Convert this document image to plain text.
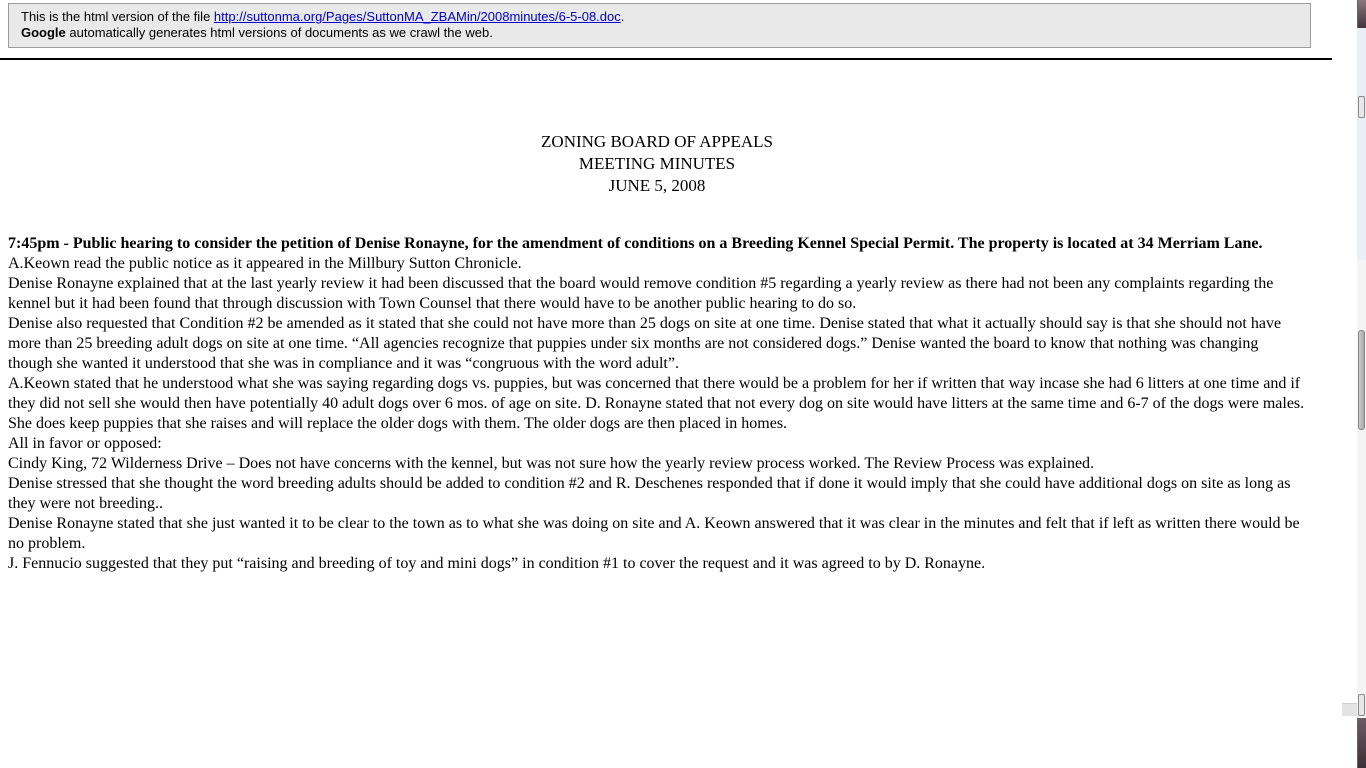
This is the html version of the file http://suttonma.org/Pages/SuttonMA_ZBAMin/2008minutes/6-5-08.doc.
Google automatically generates html versions of documents as we crawl the web.
ZONING BOARD OF APPEALS
MEETING MINUTES
JUNE 5, 2008
7:45pm - Public hearing to consider the petition of Denise Ronayne, for the amendment of conditions on a Breeding Kennel Special Permit. The property is located at 34 Merriam Lane.
A.Keown read the public notice as it appeared in the Millbury Sutton Chronicle.
Denise Ronayne explained that at the last yearly review it had been discussed that the board would remove condition #5 regarding a yearly review as there had not been any complaints regarding the kennel but it had been found that through discussion with Town Counsel that there would have to be another public hearing to do so.
Denise also requested that Condition #2 be amended as it stated that she could not have more than 25 dogs on site at one time. Denise stated that what it actually should say is that she should not have more than 25 breeding adult dogs on site at one time. “All agencies recognize that puppies under six months are not considered dogs.” Denise wanted the board to know that nothing was changing though she wanted it understood that she was in compliance and it was “congruous with the word adult”.
A.Keown stated that he understood what she was saying regarding dogs vs. puppies, but was concerned that there would be a problem for her if written that way incase she had 6 litters at one time and if they did not sell she would then have potentially 40 adult dogs over 6 mos. of age on site. D. Ronayne stated that not every dog on site would have litters at the same time and 6-7 of the dogs were males. She does keep puppies that she raises and will replace the older dogs with them. The older dogs are then placed in homes.
All in favor or opposed:
Cindy King, 72 Wilderness Drive – Does not have concerns with the kennel, but was not sure how the yearly review process worked. The Review Process was explained.
Denise stressed that she thought the word breeding adults should be added to condition #2 and R. Deschenes responded that if done it would imply that she could have additional dogs on site as long as they were not breeding..
Denise Ronayne stated that she just wanted it to be clear to the town as to what she was doing on site and A. Keown answered that it was clear in the minutes and felt that if left as written there would be no problem.
J. Fennucio suggested that they put “raising and breeding of toy and mini dogs” in condition #1 to cover the request and it was agreed to by D. Ronayne.
